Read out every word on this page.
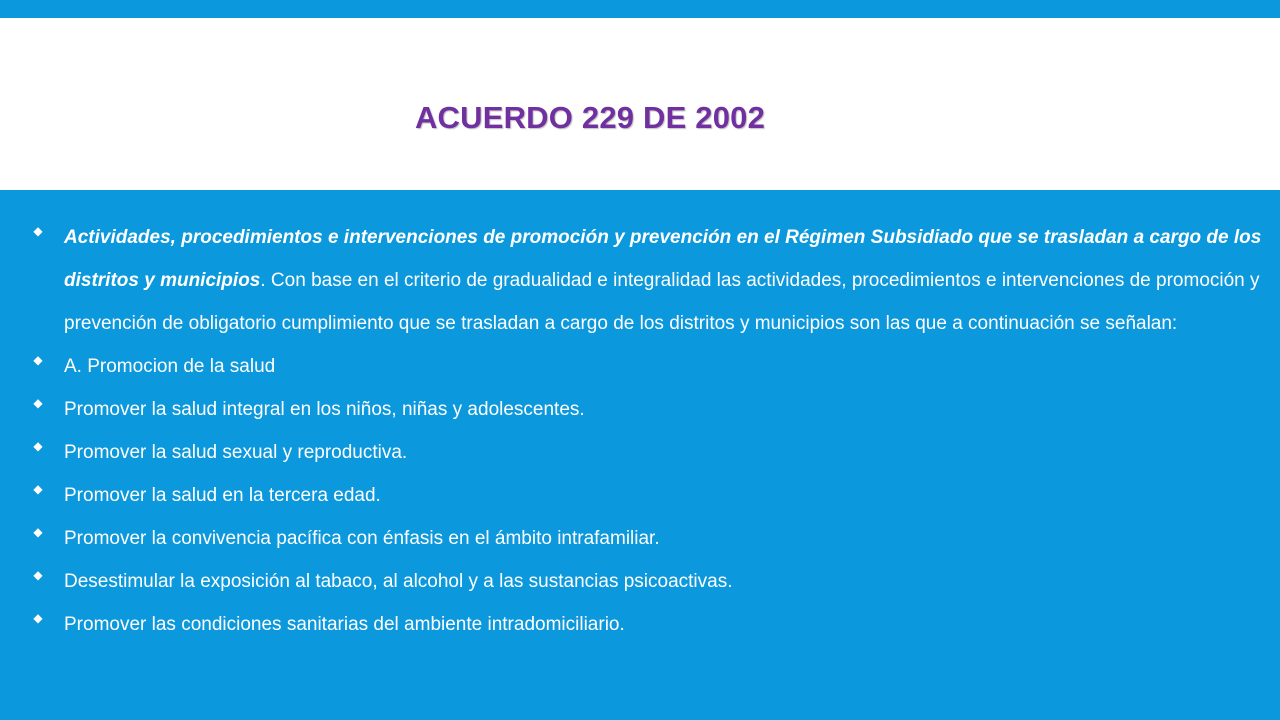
ACUERDO 229 DE 2002
◆ Actividades, procedimientos e intervenciones de promoción y prevención en el Régimen Subsidiado que se trasladan a cargo de los distritos y municipios. Con base en el criterio de gradualidad e integralidad las actividades, procedimientos e intervenciones de promoción y prevención de obligatorio cumplimiento que se trasladan a cargo de los distritos y municipios son las que a continuación se señalan:
◆ A. Promocion de la salud
◆ Promover la salud integral en los niños, niñas y adolescentes.
◆ Promover la salud sexual y reproductiva.
◆ Promover la salud en la tercera edad.
◆ Promover la convivencia pacífica con énfasis en el ámbito intrafamiliar.
◆ Desestimular la exposición al tabaco, al alcohol y a las sustancias psicoactivas.
◆ Promover las condiciones sanitarias del ambiente intradomiciliario.
